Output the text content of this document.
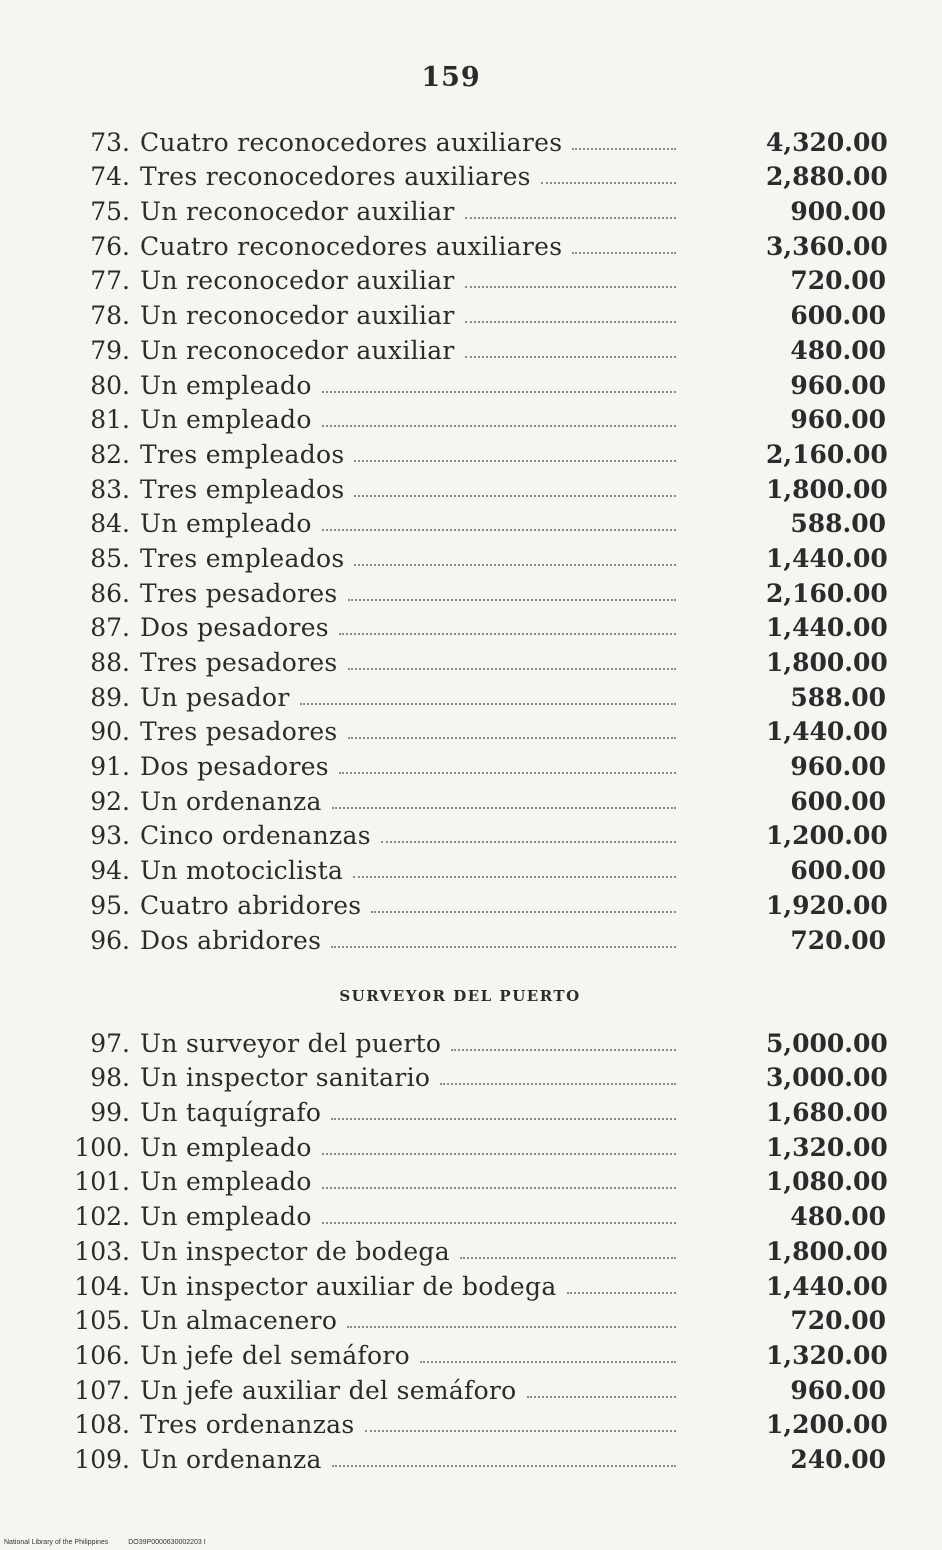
159
73. Cuatro reconocedores auxiliares	4,320.00
74. Tres reconocedores auxiliares	2,880.00
75. Un reconocedor auxiliar	900.00
76. Cuatro reconocedores auxiliares	3,360.00
77. Un reconocedor auxiliar	720.00
78. Un reconocedor auxiliar	600.00
79. Un reconocedor auxiliar	480.00
80. Un empleado	960.00
81. Un empleado	960.00
82. Tres empleados	2,160.00
83. Tres empleados	1,800.00
84. Un empleado	588.00
85. Tres empleados	1,440.00
86. Tres pesadores	2,160.00
87. Dos pesadores	1,440.00
88. Tres pesadores	1,800.00
89. Un pesador	588.00
90. Tres pesadores	1,440.00
91. Dos pesadores	960.00
92. Un ordenanza	600.00
93. Cinco ordenanzas	1,200.00
94. Un motociclista	600.00
95. Cuatro abridores	1,920.00
96. Dos abridores	720.00
SURVEYOR DEL PUERTO
97. Un surveyor del puerto	5,000.00
98. Un inspector sanitario	3,000.00
99. Un taquígrafo	1,680.00
100. Un empleado	1,320.00
101. Un empleado	1,080.00
102. Un empleado	480.00
103. Un inspector de bodega	1,800.00
104. Un inspector auxiliar de bodega	1,440.00
105. Un almacenero	720.00
106. Un jefe del semáforo	1,320.00
107. Un jefe auxiliar del semáforo	960.00
108. Tres ordenanzas	1,200.00
109. Un ordenanza	240.00
National Library of the Philippines	DO39P0000630002203 I
